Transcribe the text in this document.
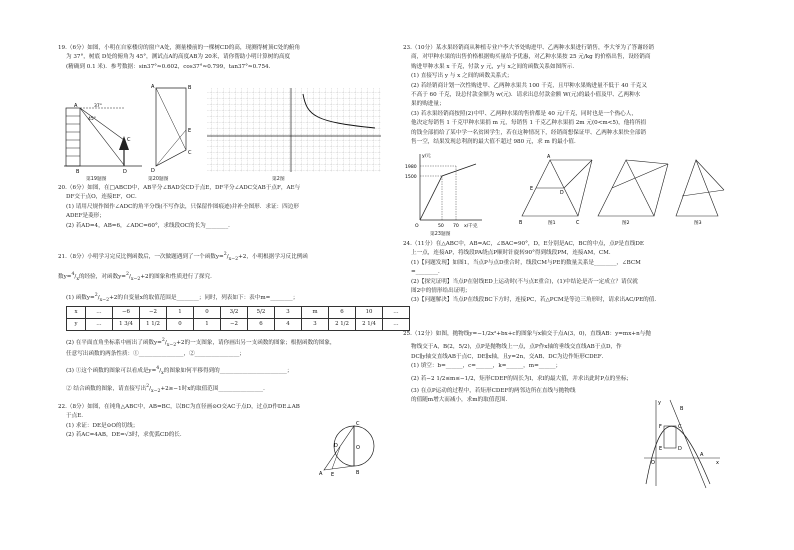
19.（6分）如图，小明在自家楼房的窗户A处，测量楼前的一棵树CD的高，现测得树顶C处的俯角

为 37°，树底 D处的俯角为 45°，测试点A的高度AB为 20米，请你帮助小明计算树的高度

(精确到 0.1 米)．参考数据：sin37°≈0.602，cos37°≈0.799，tan37°≈0.754．

A
B
C
D
37°
45°
第19题图
A	B
C
D
E
第20题图	第2图

20.（6分）如图，在□ABCD中，AB平分∠BAD交CD于点E，DF平分∠ADC交AB于点F，AE与

DF交于点O，连接EF，OC．

(1) 请用尺规作图作∠ADC的角平分线(不写作法，只保留作图痕迹)并补全图形．求证：四边形

ADEF是菱形；

(2) 若AD=4，AB=6，∠ADC=60°，求线段OC的长为________．

21.（8分）小明学习完反比例函数后，一次做题遇到了一个函数$y=^2/_{x-2}+2$，小明根据学习反比例函

数$y=^4/_x$的经验，对函数$y=^2/_{x-2}+2$的图象和性质进行了探究．

(1) 函数$y=^2/_{x-2}+2$的自变量x的取值范围是________；同时，列表如下：表中m=________；

x	…	−6	−2	1	0	3/2	5/2	3	m	6	10	…
y	…	1 3/4	1 1/2	0	1	−2	6	4	3	2 1/2	2 1/4	…

(2) 在平面直角坐标系中画出了函数$y=^2/_{x-2}+2$的一支图象，请你画出另一支函数的图象；根据函数的图象，

任意写出函数的两条性质：①________________，②________________；

(3) ①这个函数的图象可以看成是$y=^4/_x$的图象如何平移得到的________________________；

② 结合函数的图象，请直接写出$^2/_{x-2}+2\ge-1$时x的取值范围________________．

22.（8分）如图，在钝角△ABC中，AB=BC，以BC为直径画⊙O交AC于点D，过点D作DE⊥AB

于点E．

(1) 求证：DE是⊙O的切线；

(2) 若AC=4AB，DE=√3时，求优弧CD的长．

C
B
A E
D	O

23.（10分）某水果经销商从种植专业户李大爷处购进甲、乙两种水果进行销售，李大爷为了答谢经销

商，对甲种水果的出售价格根据购买量给予优惠，对乙种水果按 25 元/kg 的价格出售，设经销商

购进甲种水果 x 千克，付款 y 元，y与 x之间的函数关系如图所示．

(1) 直接写出 y 与 x 之间的函数关系式；

(2) 若经销商计划一次性购进甲、乙两种水果共 100 千克，且甲种水果购进量不低于 40 千克又

不高于 60 千克，设总付款金额为 w(元)．请求出总付款金额 W(元)的最小值及甲、乙两种水

果的购进量；

(3) 若水果经销商按照(2)中甲、乙两种水果的售价都是 40 元/千克，同时也是一个热心人，

他决定每销售 1 千克甲种水果捐 m 元，每销售 1 千克乙种水果捐 2m 元(0<m<5)，他将所捐

的钱全部捐给了某中学一名贫困学生，若在这种情况下，经销商想保证甲、乙两种水果快全部销

售一空，结果发现总利润的最大值不超过 980 元，求 m 的最小值．

y/元
1980
1500
O	50 70 x/千克
第23题图
B	C
A
D
E
图1	图2	图3

24.（11分）在△ABC中，AB=AC，∠BAC=90°，D，E分别是AC，BC的中点，点P是直线DE

上一点，连接AP，将线段PA绕点P顺时针旋转90°得到线段PM，连接AM，CM．

(1)【问题发现】如图1，当点P与点D重合时，线段CM与PE的数量关系是________，∠BCM

=________．

(2)【探究证明】当点P在射线ED上运动时(不与点E重合)，(1)中结论是否一定成立？请仅就

图2中的情形给出证明；

(3)【问题解决】当点P在线段BC下方时，连接PC，若△PCM是等边三角形时，请求出AC/PE的值．

25.（12分）如图，抛物线y=−1/2x²+bx+c的图象与x轴交于点A(3，0)，直线AB：y=mx+n与抛

物线交于A，B(2，5/2)，点P是抛物线上一点，点P作x轴的垂线交直线AB于点D，作

DC∥y轴交直线AB于点C，DE∥x轴，且y=2n，交AB、DC为边作矩形CDEF．

(1) 填空：b=______，c=______，k=______，m=______；

(2) 若−2 1/2≤m≤−1/2，矩形CDEF的周长为l，求l的最大值，并求出此时P点的坐标；

(3) 在点P运动的过程中，若矩形CDEF的两邻边所在直线与抛物线

的值随m增大而减小，求m的取值范围．	y
x
O
C
D
E
F
A
B
